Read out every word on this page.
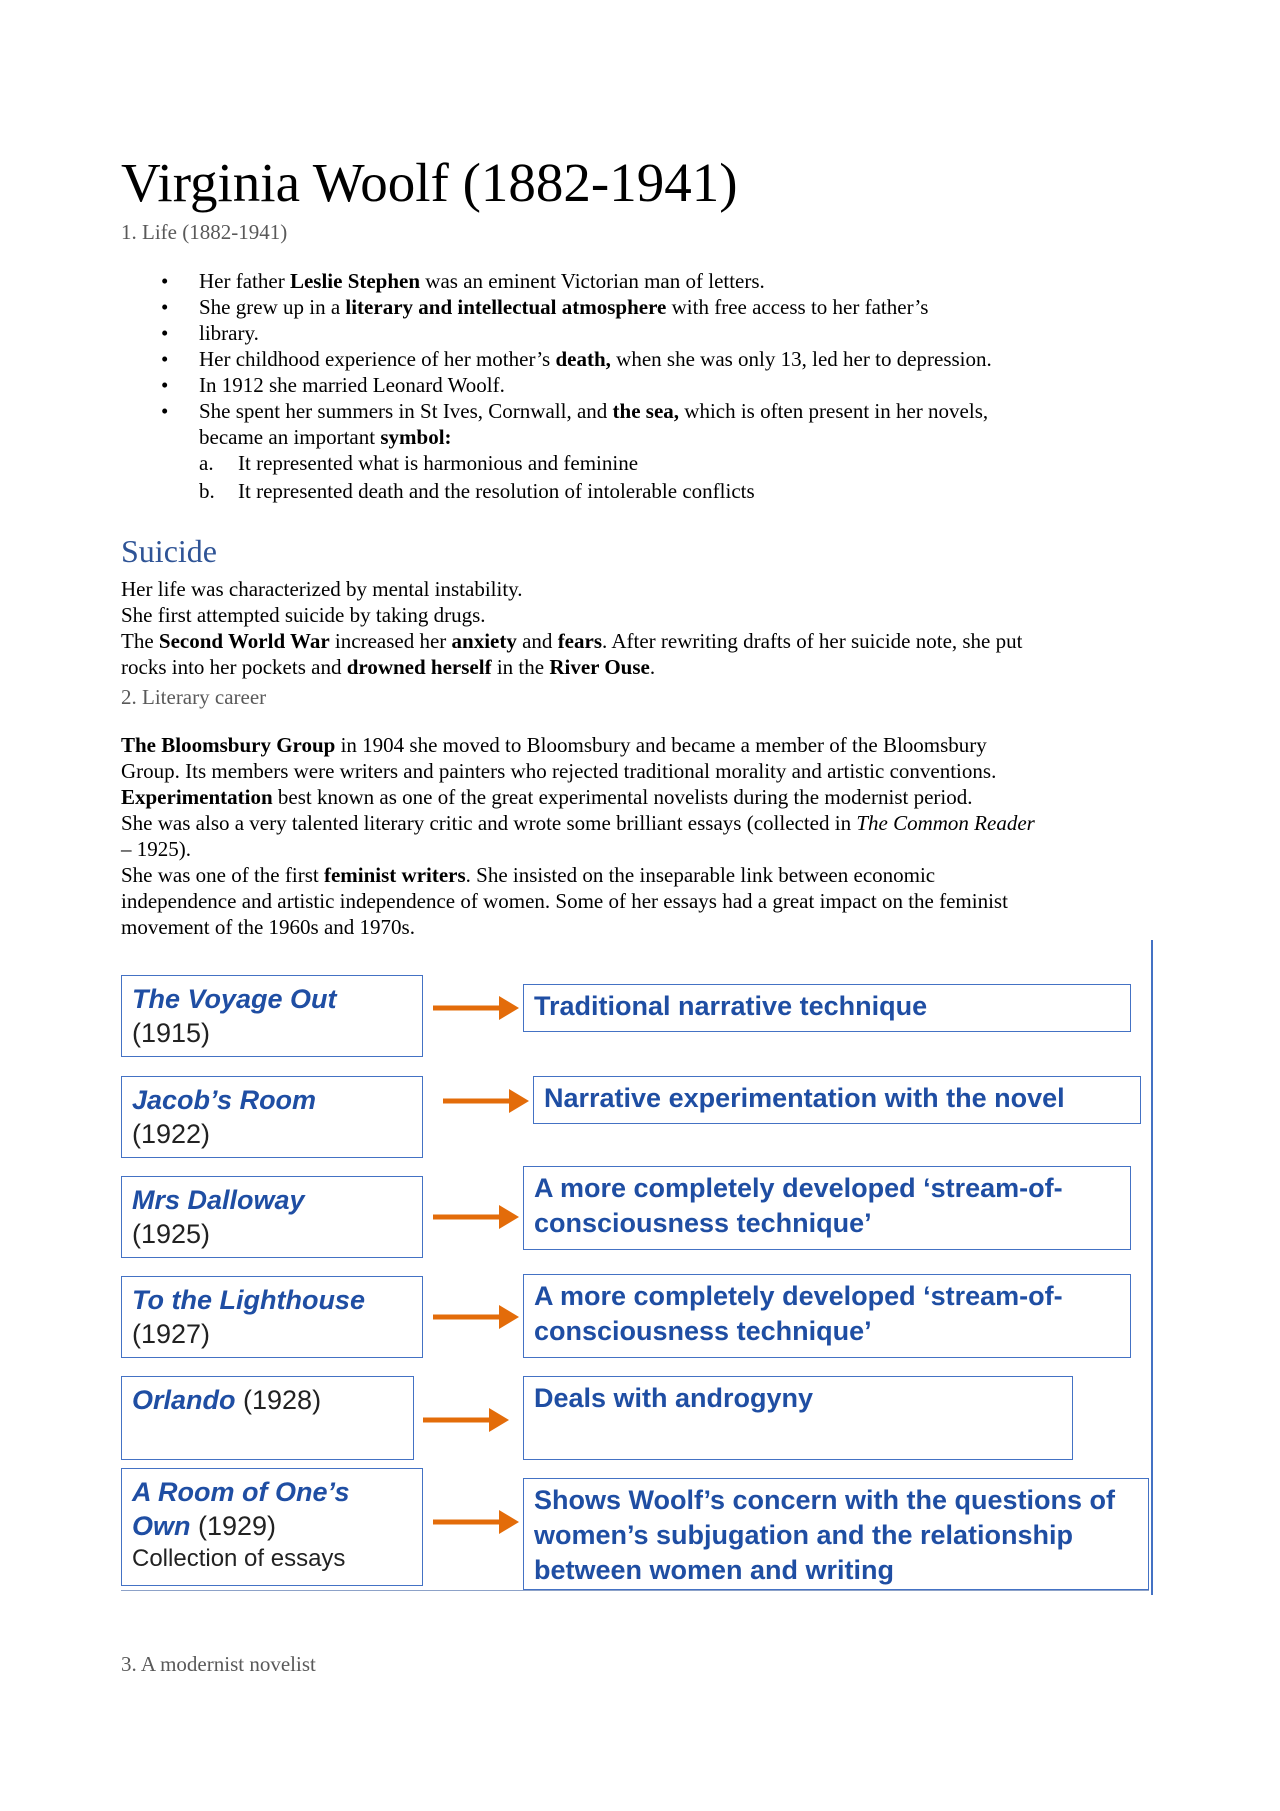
Virginia Woolf (1882-1941)
1. Life (1882-1941)
• Her father Leslie Stephen was an eminent Victorian man of letters.
• She grew up in a literary and intellectual atmosphere with free access to her father’s
• library.
• Her childhood experience of her mother’s death, when she was only 13, led her to depression.
• In 1912 she married Leonard Woolf.
• She spent her summers in St Ives, Cornwall, and the sea, which is often present in her novels,
became an important symbol:
a. It represented what is harmonious and feminine
b. It represented death and the resolution of intolerable conflicts
Suicide
Her life was characterized by mental instability.
She first attempted suicide by taking drugs.
The Second World War increased her anxiety and fears. After rewriting drafts of her suicide note, she put
rocks into her pockets and drowned herself in the River Ouse.
2. Literary career
The Bloomsbury Group in 1904 she moved to Bloomsbury and became a member of the Bloomsbury
Group. Its members were writers and painters who rejected traditional morality and artistic conventions.
Experimentation best known as one of the great experimental novelists during the modernist period.
She was also a very talented literary critic and wrote some brilliant essays (collected in The Common Reader
– 1925).
She was one of the first feminist writers. She insisted on the inseparable link between economic
independence and artistic independence of women. Some of her essays had a great impact on the feminist
movement of the 1960s and 1970s.
3. A modernist novelist
The Voyage Out
(1915)
Traditional narrative technique
Jacob’s Room
(1922)
Narrative experimentation with the novel
Mrs Dalloway
(1925)
A more completely developed ‘stream-of-consciousness technique’
To the Lighthouse
(1927)
A more completely developed ‘stream-of-consciousness technique’
Orlando (1928)	Deals with androgyny
A Room of One’s Own (1929)
Collection of essays
Shows Woolf’s concern with the questions of women’s subjugation and the relationship between women and writing
